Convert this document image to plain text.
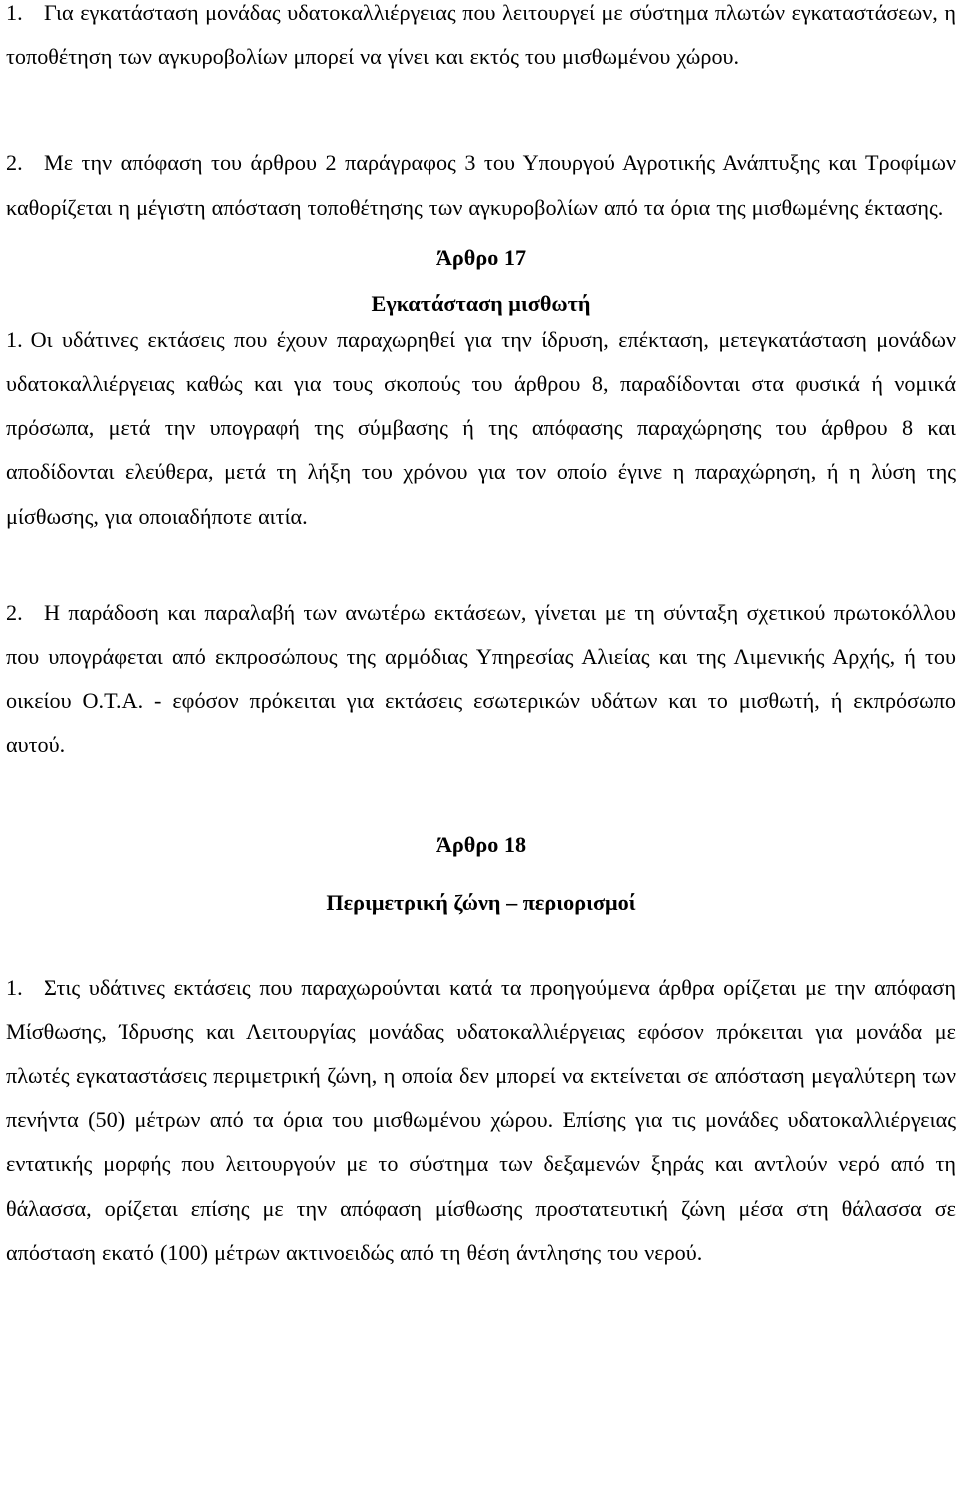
1. Για εγκατάσταση μονάδας υδατοκαλλιέργειας που λειτουργεί με σύστημα πλωτών εγκαταστάσεων, η τοποθέτηση των αγκυροβολίων μπορεί να γίνει και εκτός του μισθωμένου χώρου.

2. Με την απόφαση του άρθρου 2 παράγραφος 3 του Υπουργού Αγροτικής Ανάπτυξης και Τροφίμων καθορίζεται η μέγιστη απόσταση τοποθέτησης των αγκυροβολίων από τα όρια της μισθωμένης έκτασης.

Άρθρο 17

Εγκατάσταση μισθωτή

1. Οι υδάτινες εκτάσεις που έχουν παραχωρηθεί για την ίδρυση, επέκταση, μετεγκατάσταση μονάδων υδατοκαλλιέργειας καθώς και για τους σκοπούς του άρθρου 8, παραδίδονται στα φυσικά ή νομικά πρόσωπα, μετά την υπογραφή της σύμβασης ή της απόφασης παραχώρησης του άρθρου 8 και αποδίδονται ελεύθερα, μετά τη λήξη του χρόνου για τον οποίο έγινε η παραχώρηση, ή η λύση της μίσθωσης, για οποιαδήποτε αιτία.

2. Η παράδοση και παραλαβή των ανωτέρω εκτάσεων, γίνεται με τη σύνταξη σχετικού πρωτοκόλλου που υπογράφεται από εκπροσώπους της αρμόδιας Υπηρεσίας Αλιείας και της Λιμενικής Αρχής, ή του οικείου Ο.Τ.Α. - εφόσον πρόκειται για εκτάσεις εσωτερικών υδάτων και το μισθωτή, ή εκπρόσωπο αυτού.

Άρθρο 18

Περιμετρική ζώνη – περιορισμοί

1. Στις υδάτινες εκτάσεις που παραχωρούνται κατά τα προηγούμενα άρθρα ορίζεται με την απόφαση Μίσθωσης, Ίδρυσης και Λειτουργίας μονάδας υδατοκαλλιέργειας εφόσον πρόκειται για μονάδα με πλωτές εγκαταστάσεις περιμετρική ζώνη, η οποία δεν μπορεί να εκτείνεται σε απόσταση μεγαλύτερη των πενήντα (50) μέτρων από τα όρια του μισθωμένου χώρου. Επίσης για τις μονάδες υδατοκαλλιέργειας εντατικής μορφής που λειτουργούν με το σύστημα των δεξαμενών ξηράς και αντλούν νερό από τη θάλασσα, ορίζεται επίσης με την απόφαση μίσθωσης προστατευτική ζώνη μέσα στη θάλασσα σε απόσταση εκατό (100) μέτρων ακτινοειδώς από τη θέση άντλησης του νερού.
